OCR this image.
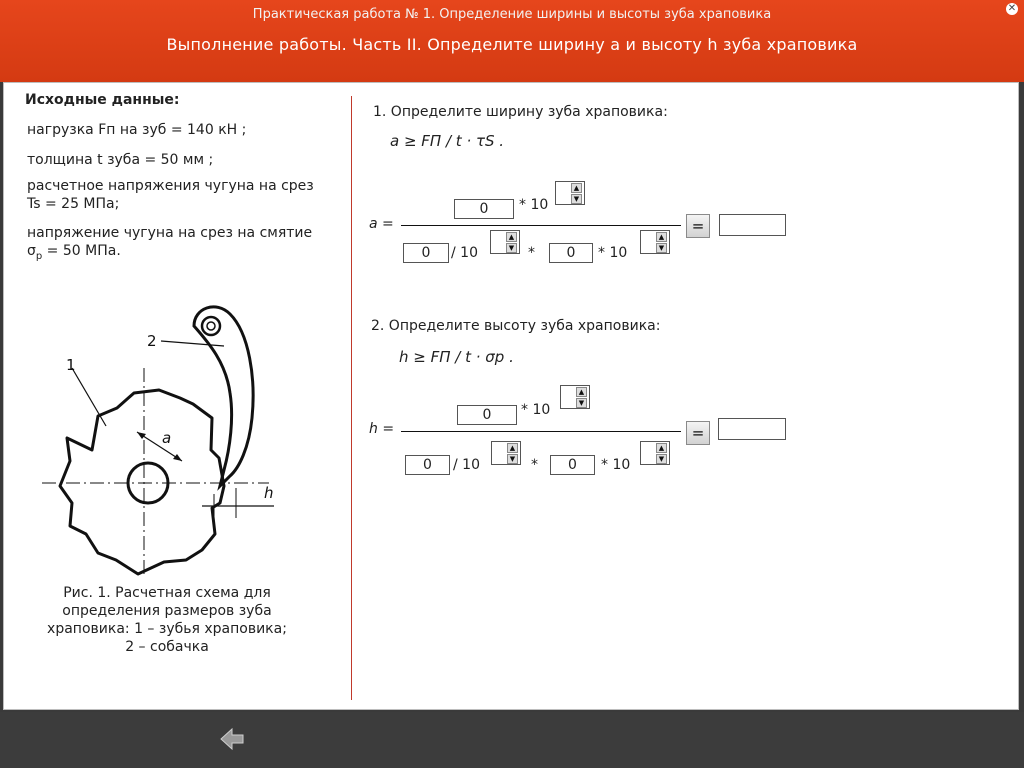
Практическая работа № 1. Определение ширины и высоты зуба храповика
Выполнение работы. Часть II. Определите ширину a и высоту h зуба храповика
✕
Исходные данные:
нагрузка Fп на зуб = 140 кН ;
толщина t зуба = 50 мм ;
расчетное напряжения чугуна на срез
Ts = 25 МПа;
напряжение чугуна на срез на смятие
$\sigma_р = 50$ МПа.
1
2
a
h
Рис. 1. Расчетная схема для
определения размеров зуба
храповика: 1 – зубья храповика;
2 – собачка
1. Определите ширину зуба храповика:
a ≥ FП / t · τS .
a =
0
* 10
▲
▼
0
/ 10
▲
▼ *
0	* 10
▲
▼
=
2. Определите высоту зуба храповика:
h ≥ FП / t · σр .
h =
0
* 10
▲
▼
0
/ 10
▲
▼ *
0	* 10
▲
▼
=
